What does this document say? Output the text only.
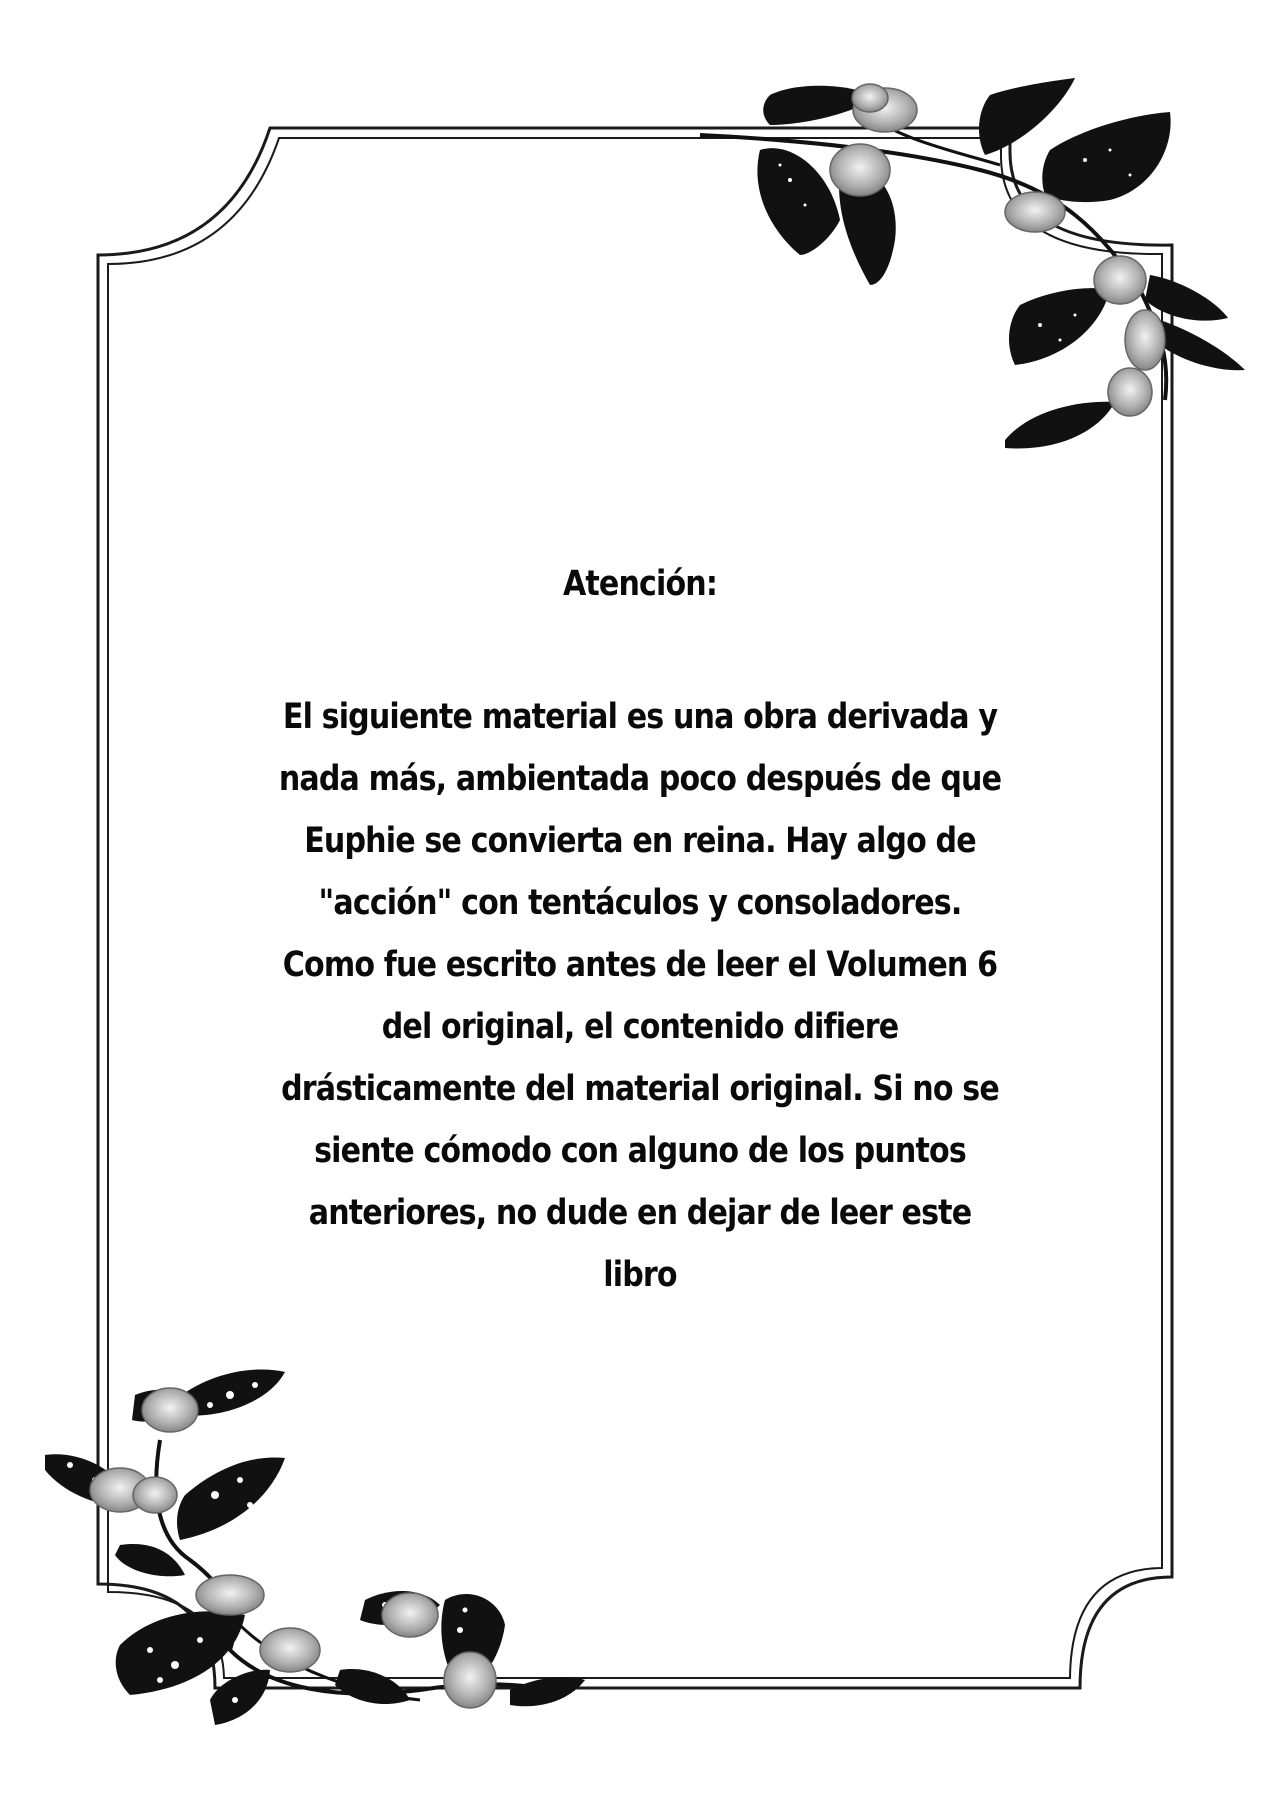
Atención:

El siguiente material es una obra derivada y

nada más, ambientada poco después de que

Euphie se convierta en reina. Hay algo de

"acción" con tentáculos y consoladores.

Como fue escrito antes de leer el Volumen 6

del original, el contenido difiere

drásticamente del material original. Si no se

siente cómodo con alguno de los puntos

anteriores, no dude en dejar de leer este

libro
